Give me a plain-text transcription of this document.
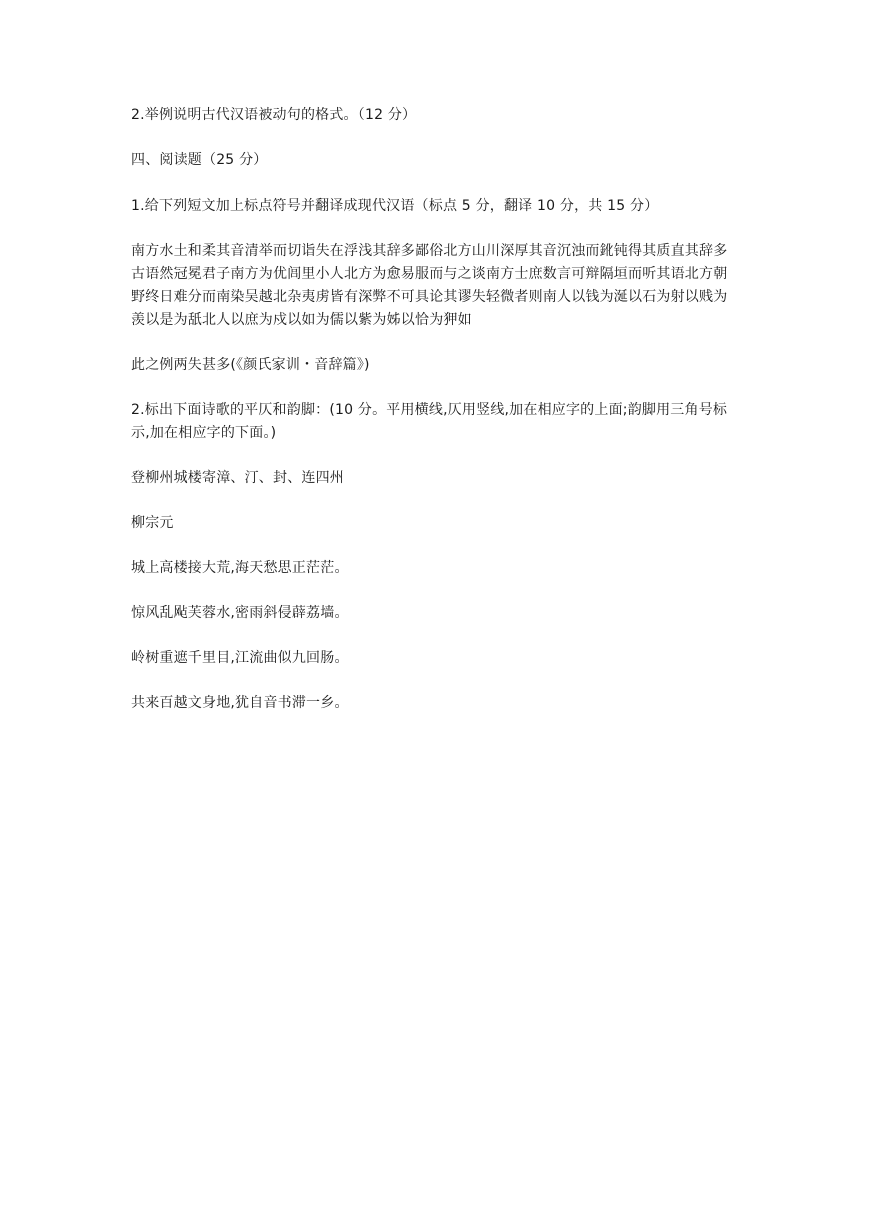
2.举例说明古代汉语被动句的格式。（12 分）

四、阅读题（25 分）

1.给下列短文加上标点符号并翻译成现代汉语（标点 5 分，翻译 10 分，共 15 分）

南方水土和柔其音清举而切诣失在浮浅其辞多鄙俗北方山川深厚其音沉浊而鈋钝得其质直其辞多古语然冠冕君子南方为优闾里小人北方为愈易服而与之谈南方士庶数言可辩隔垣而听其语北方朝野终日难分而南染吴越北杂夷虏皆有深弊不可具论其谬失轻微者则南人以钱为涎以石为射以贱为羡以是为舐北人以庶为戍以如为儒以紫为姊以恰为狎如

此之例两失甚多(《颜氏家训・音辞篇》)

2.标出下面诗歌的平仄和韵脚：(10 分。平用横线,仄用竖线,加在相应字的上面;韵脚用三角号标示,加在相应字的下面。)

登柳州城楼寄漳、汀、封、连四州

柳宗元

城上高楼接大荒,海天愁思正茫茫。

惊风乱飐芙蓉水,密雨斜侵薜荔墙。

岭树重遮千里目,江流曲似九回肠。

共来百越文身地,犹自音书滞一乡。
